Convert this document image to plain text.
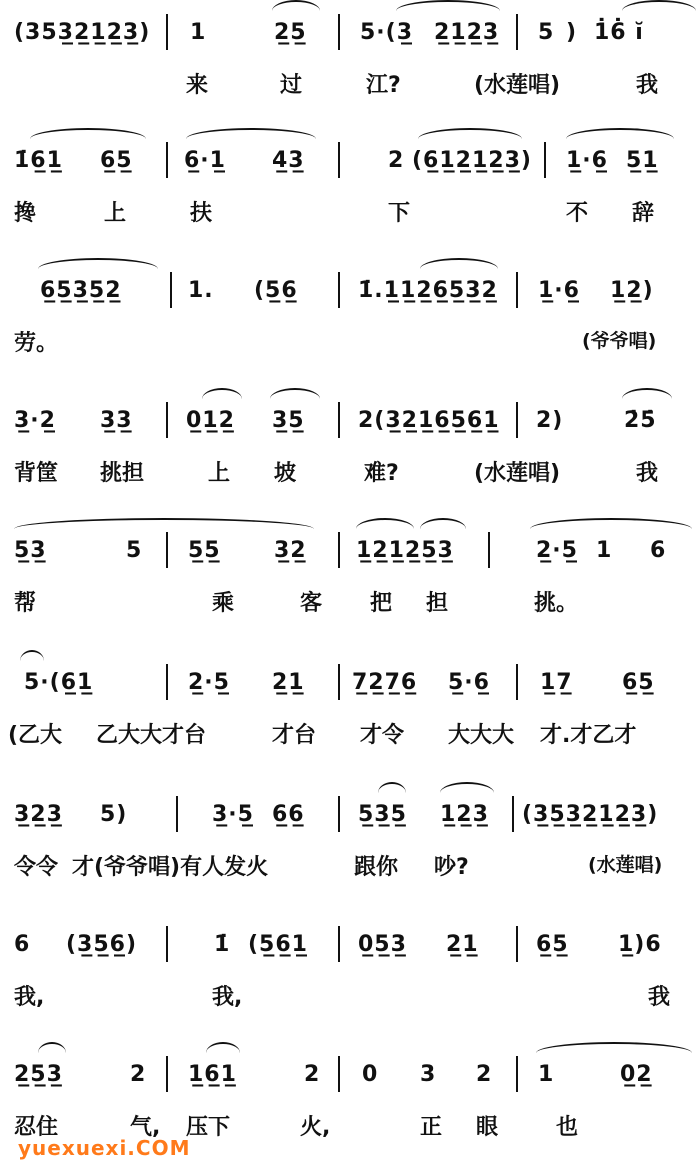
(353̲2̲1̲2̲3̲) 1	2̲5̲ 5·(3̲ 2̲1̲2̲3̲ 5 ) 1̇6̇ ĭ
来	过	江?	(水莲唱)	我
1̇6̲1̲ 6̲5̲ 6̲·1̲ 4̲3̲	2 (6̲1̲2̲1̲2̲3̲) 1̲·6̲ 5̲1̲
搀	上	扶	下	不 辞
6̲5̲3̲5̲2̲	1. (5̲6̲	1̇.1̲1̲2̲6̲5̲3̲2̲ 1̲·6̲ 1̲2̲)
劳。	(爷爷唱)
3̲·2̲ 3̲3̲ 0̲1̲2̲ 3̲5̲ 2(3̲2̲1̲6̲5̲6̲1̲ 2)	2̇5̇
背筐 挑担	上 坡	难?	(水莲唱)	我
5̲3̲	5 5̲5̲ 3̲2̲ 1̲2̲1̲2̲5̲3̲	2̲·5̲ 1 6
帮	乘	客 把 担	挑。
5·(6̲1̲	2̲·5̲ 2̲1̲ 7̲2̲7̲6̲ 5̲·6̲ 1̲7̲ 6̲5̲
(乙大 乙大大才台	才台 才令 大大大 才.才乙才
3̲2̲3̲ 5)	3̲·5̲ 6̲6̲ 5̲3̲5̲ 1̲2̲3̲ (3̲5̲3̲2̲1̲2̲3̲)
令令 才(爷爷唱)有人发火	跟你 吵?	(水莲唱)
6 (3̲5̲6̲)	1̇ (5̲6̲1̲ 0̲5̲3̲ 2̲1̲	6̲5̲ 1̲)6
我,	我,	我
2̲5̲3̲	2 1̲6̲1̲	2 0 3 2 1	0̲2̲
忍住	气, 压下	火,	正 眼	也
yuexuexi.COM
